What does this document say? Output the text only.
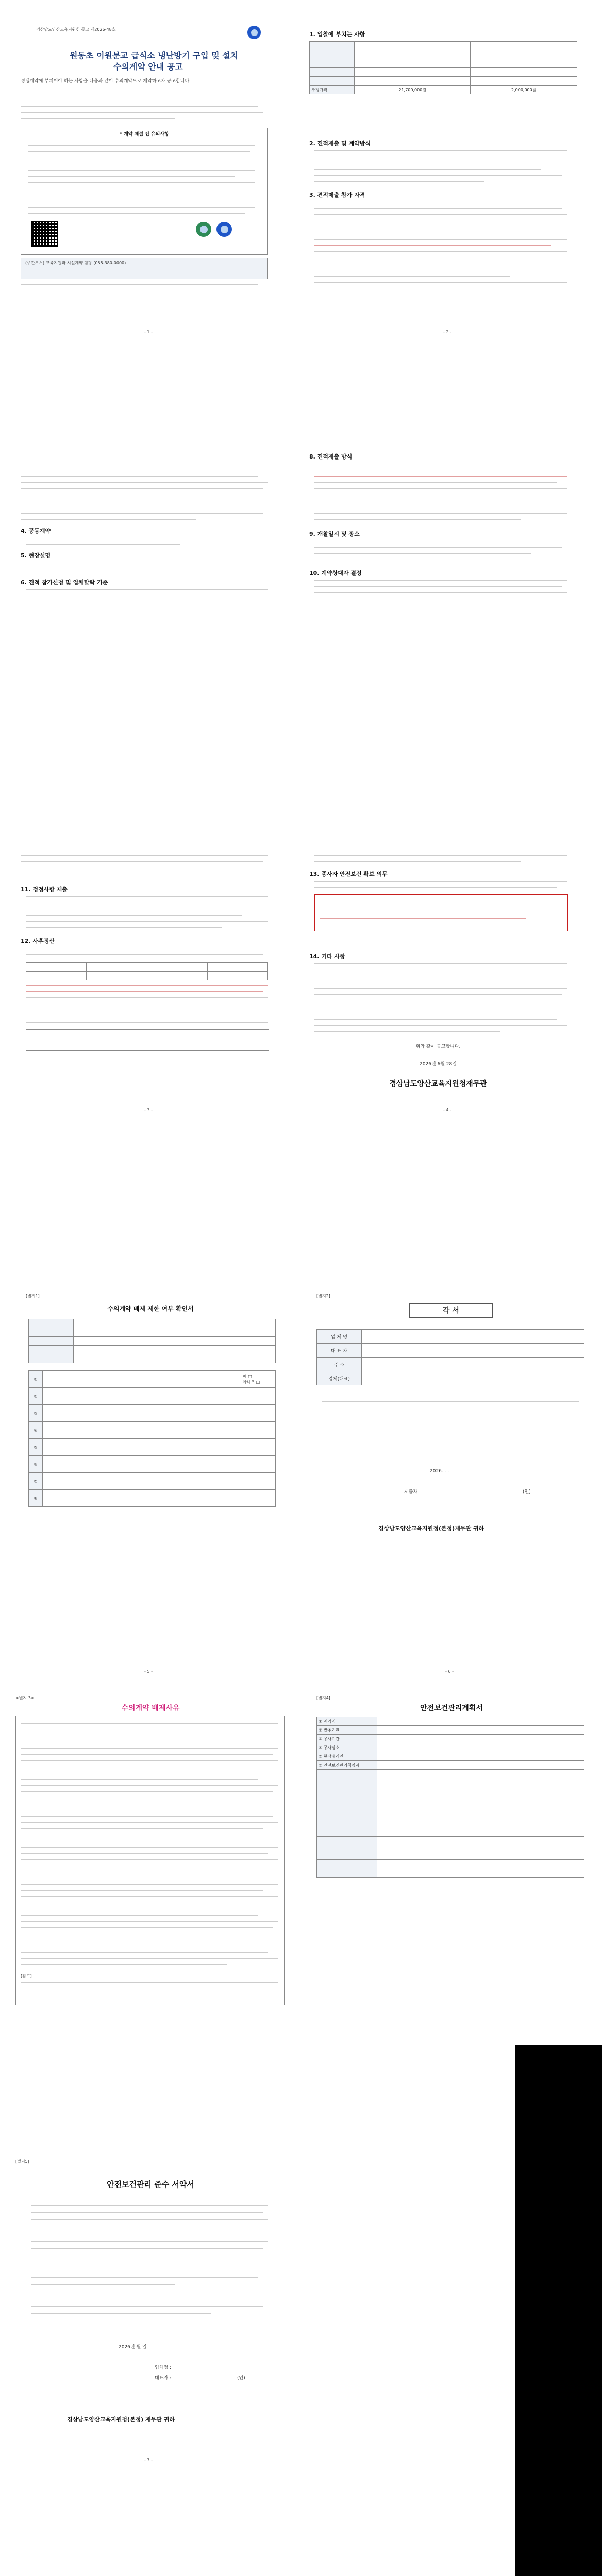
경상남도양산교육지원청 공고 제2026-48호
원동초 이원분교 급식소 냉난방기 구입 및 설치
수의계약 안내 공고
경쟁계약에 부치어야 하는 사항을 다음과 같이 수의계약으로 계약하고자 공고합니다.
* 계약 체결 전 유의사항
(주관부서) 교육지원과 시설계약 담당 (055-380-0000)
1. 입찰에 부치는 사항

추정가격	21,700,000원	2,000,000원
2. 견적제출 및 계약방식
3. 견적제출 참가 자격
- 1 -	- 2 -
4. 공동계약
5. 현장설명
6. 견적 참가신청 및 업체탈락 기준
8. 견적제출 방식
9. 개찰일시 및 장소
10. 계약상대자 결정
11. 정정사항 제출
12. 사후정산

13. 종사자 안전보건 확보 의무
14. 기타 사항
위와 같이 공고합니다.
2026년 6월 28일
경상남도양산교육지원청재무관
- 3 -	- 4 -
[별지1]
수의계약 배제 제한 여부 확인서

①		예 □
아니오 □
②		
③		
④		
⑤		
⑥		
⑦		
⑧		
- 5 -
[별지2]
각 서
업 체 명	
대 표 자	
주 소	
업체(대표)	
2026. . .
제출자 :	(인)
경상남도양산교육지원청(본청)재무관 귀하
- 6 -
<별지 3>
수의계약 배제사유
[참고]
[별지4]
안전보건관리계획서
① 계약명			
② 발주기관			
③ 공사기간			
④ 공사장소			
⑤ 현장대리인			
⑥ 안전보건관리책임자			

[별지5]
안전보건관리 준수 서약서
2026년 월 일
업체명 :
대표자 :	(인)
경상남도양산교육지원청(본청) 재무관 귀하
- 7 -
